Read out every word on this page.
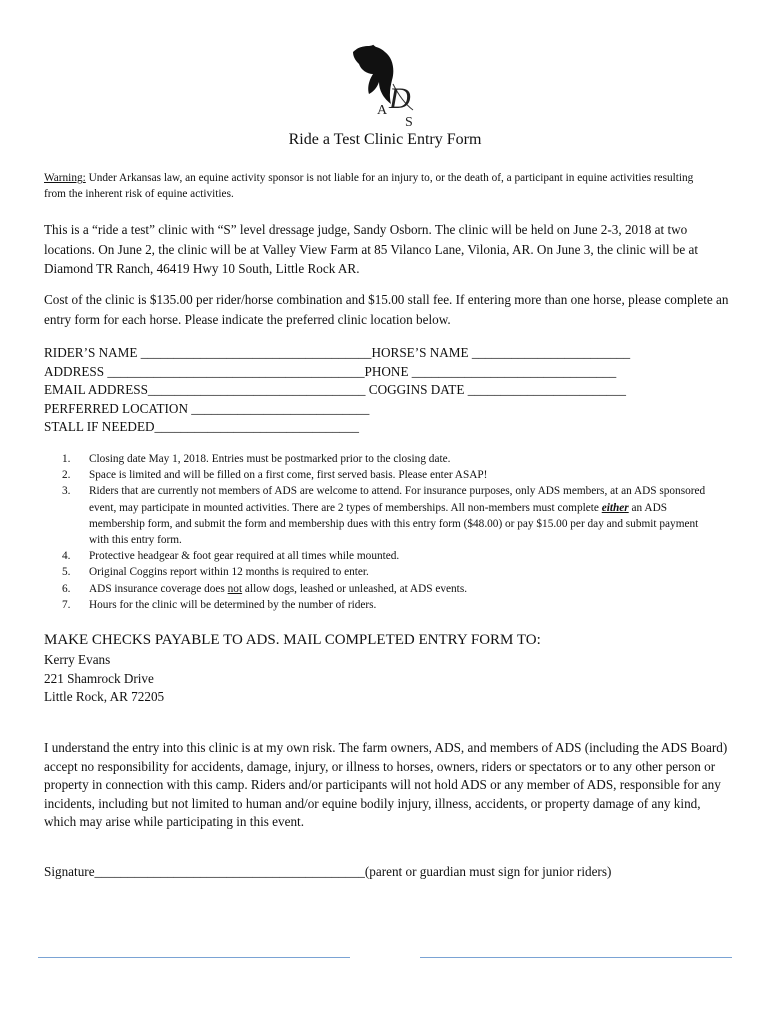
A D
S
Ride a Test Clinic Entry Form
Warning: Under Arkansas law, an equine activity sponsor is not liable for an injury to, or the death of, a participant in equine activities resulting from the inherent risk of equine activities.
This is a “ride a test” clinic with “S” level dressage judge, Sandy Osborn. The clinic will be held on June 2-3, 2018 at two locations. On June 2, the clinic will be at Valley View Farm at 85 Vilanco Lane, Vilonia, AR. On June 3, the clinic will be at Diamond TR Ranch, 46419 Hwy 10 South, Little Rock AR.
Cost of the clinic is $135.00 per rider/horse combination and $15.00 stall fee. If entering more than one horse, please complete an entry form for each horse. Please indicate the preferred clinic location below.
RIDER’S NAME ___________________________________HORSE’S NAME ________________________
ADDRESS _______________________________________PHONE _______________________________
EMAIL ADDRESS_________________________________ COGGINS DATE ________________________
PERFERRED LOCATION ___________________________
STALL IF NEEDED_______________________________
1.	Closing date May 1, 2018. Entries must be postmarked prior to the closing date.
2.	Space is limited and will be filled on a first come, first served basis. Please enter ASAP!
3.	Riders that are currently not members of ADS are welcome to attend. For insurance purposes, only ADS members, at an ADS sponsored event, may participate in mounted activities. There are 2 types of memberships. All non-members must complete either an ADS membership form, and submit the form and membership dues with this entry form ($48.00) or pay $15.00 per day and submit payment with this entry form.
4.	Protective headgear & foot gear required at all times while mounted.
5.	Original Coggins report within 12 months is required to enter.
6.	ADS insurance coverage does not allow dogs, leashed or unleashed, at ADS events.
7.	Hours for the clinic will be determined by the number of riders.
MAKE CHECKS PAYABLE TO ADS. MAIL COMPLETED ENTRY FORM TO:
Kerry Evans
221 Shamrock Drive
Little Rock, AR 72205
I understand the entry into this clinic is at my own risk. The farm owners, ADS, and members of ADS (including the ADS Board) accept no responsibility for accidents, damage, injury, or illness to horses, owners, riders or spectators or to any other person or property in connection with this camp. Riders and/or participants will not hold ADS or any member of ADS, responsible for any incidents, including but not limited to human and/or equine bodily injury, illness, accidents, or property damage of any kind, which may arise while participating in this event.
Signature_________________________________________(parent or guardian must sign for junior riders)
